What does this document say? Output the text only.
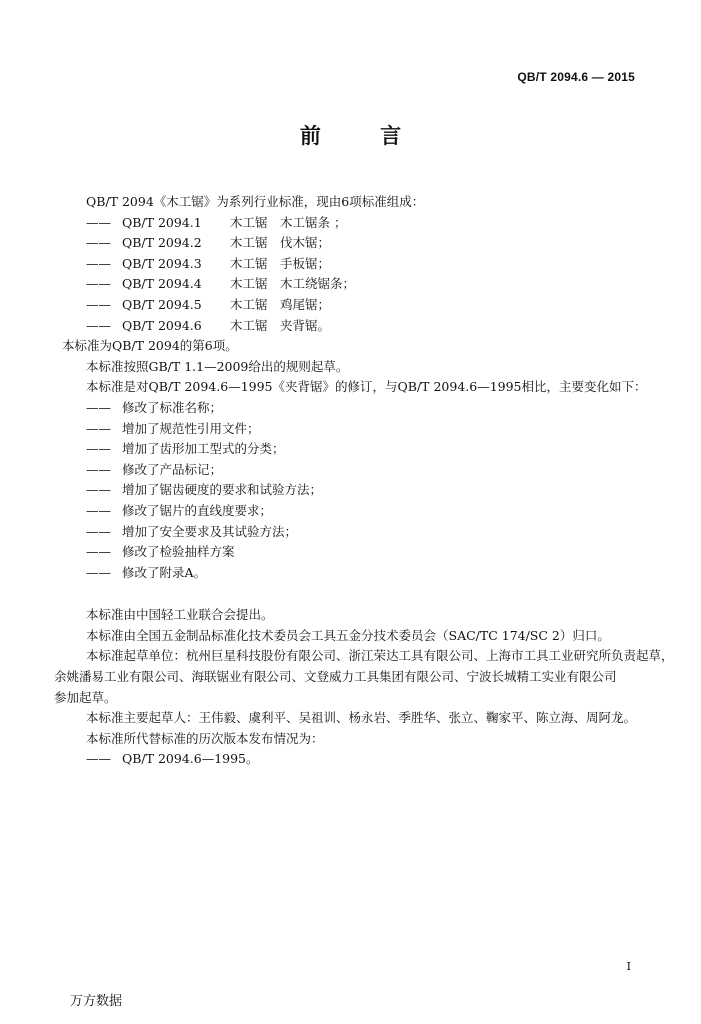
QB/T 2094.6 — 2015
前 言
QB/T 2094《木工锯》为系列行业标准，现由6项标准组成：
—— QB/T 2094.1 木工锯 木工锯条 ；
—— QB/T 2094.2 木工锯 伐木锯；
—— QB/T 2094.3 木工锯 手板锯；
—— QB/T 2094.4 木工锯 木工绕锯条；
—— QB/T 2094.5 木工锯 鸡尾锯；
—— QB/T 2094.6 木工锯 夹背锯。
本标准为QB/T 2094的第6项。
本标准按照GB/T 1.1—2009给出的规则起草。
本标准是对QB/T 2094.6—1995《夹背锯》的修订，与QB/T 2094.6—1995相比，主要变化如下：
—— 修改了标准名称；
—— 增加了规范性引用文件；
—— 增加了齿形加工型式的分类；
—— 修改了产品标记；
—— 增加了锯齿硬度的要求和试验方法；
—— 修改了锯片的直线度要求；
—— 增加了安全要求及其试验方法；
—— 修改了检验抽样方案
—— 修改了附录A。
本标准由中国轻工业联合会提出。
本标准由全国五金制品标准化技术委员会工具五金分技术委员会（SAC/TC 174/SC 2）归口。
本标准起草单位：杭州巨星科技股份有限公司、浙江荣达工具有限公司、上海市工具工业研究所负责起草，
余姚潘易工业有限公司、海联锯业有限公司、文登威力工具集团有限公司、宁波长城精工实业有限公司
参加起草。
本标准主要起草人：王伟毅、虞利平、吴祖训、杨永岩、季胜华、张立、鞠家平、陈立海、周阿龙。
本标准所代替标准的历次版本发布情况为：
—— QB/T 2094.6—1995。
I
万方数据
